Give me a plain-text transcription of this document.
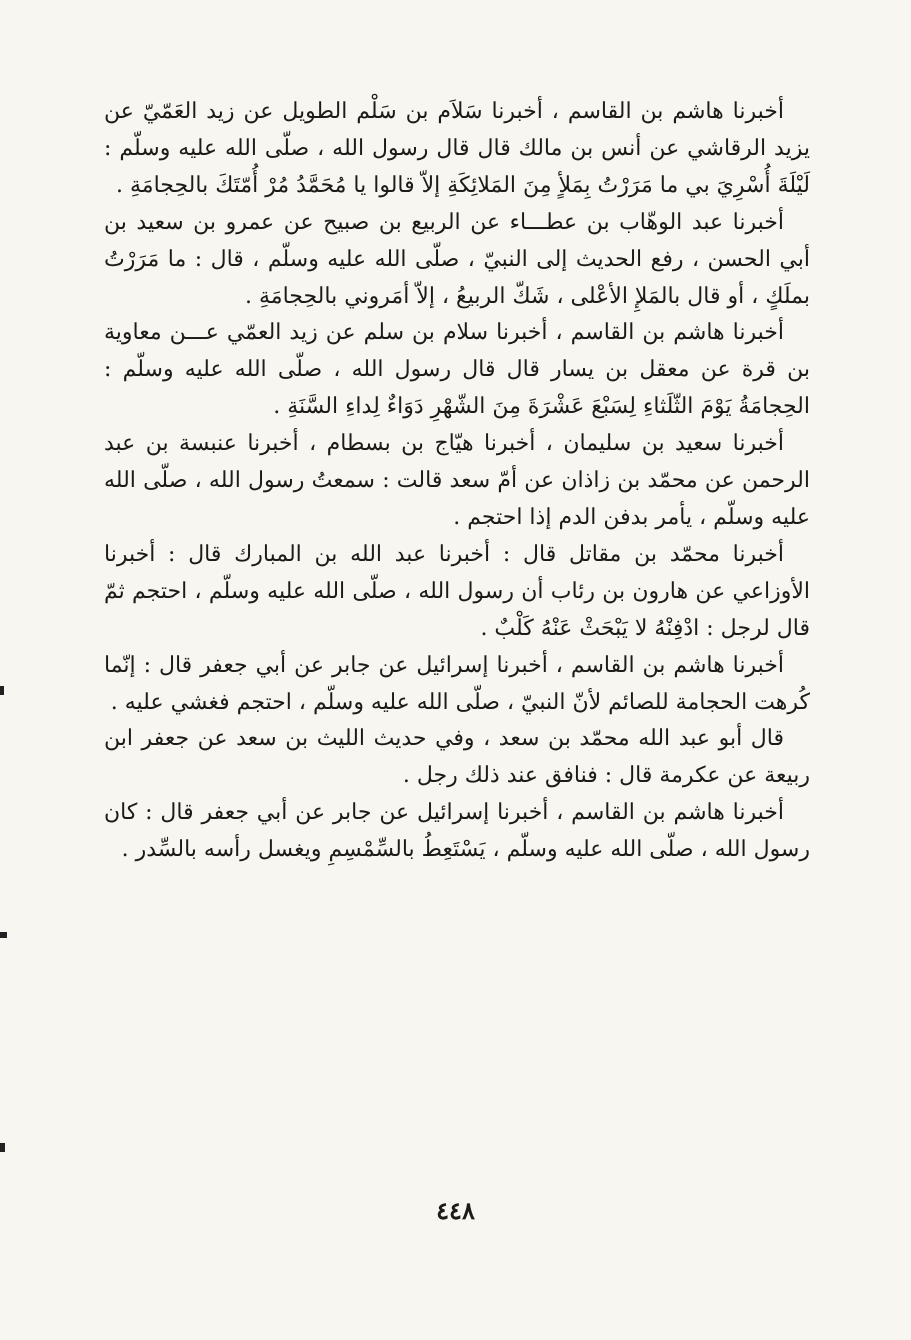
أخبرنا هاشم بن القاسم ، أخبرنا سَلاَم بن سَلْم الطويل عن زيد العَمّيّ عن يزيد الرقاشي عن أنس بن مالك قال قال رسول الله ، صلّى الله عليه وسلّم : لَيْلَةَ أُسْرِيَ بي ما مَرَرْتُ بِمَلأٍ مِنَ المَلائِكَةِ إلاّ قالوا يا مُحَمَّدُ مُرْ أُمّتَكَ بالحِجامَةِ .

أخبرنا عبد الوهّاب بن عطـــاء عن الربيع بن صبيح عن عمرو بن سعيد بن أبي الحسن ، رفع الحديث إلى النبيّ ، صلّى الله عليه وسلّم ، قال : ما مَرَرْتُ بملَكٍ ، أو قال بالمَلإِ الأعْلى ، شَكّ الربيعُ ، إلاّ أمَروني بالحِجامَةِ .

أخبرنا هاشم بن القاسم ، أخبرنا سلام بن سلم عن زيد العمّي عـــن معاوية بن قرة عن معقل بن يسار قال قال رسول الله ، صلّى الله عليه وسلّم : الحِجامَةُ يَوْمَ الثّلَثاءِ لِسَبْعَ عَشْرَةَ مِنَ الشّهْرِ دَوَاءٌ لِداءِ السَّنَةِ .

أخبرنا سعيد بن سليمان ، أخبرنا هيّاج بن بسطام ، أخبرنا عنبسة بن عبد الرحمن عن محمّد بن زاذان عن أمّ سعد قالت : سمعتُ رسول الله ، صلّى الله عليه وسلّم ، يأمر بدفن الدم إذا احتجم .

أخبرنا محمّد بن مقاتل قال : أخبرنا عبد الله بن المبارك قال : أخبرنا الأوزاعي عن هارون بن رئاب أن رسول الله ، صلّى الله عليه وسلّم ، احتجم ثمّ قال لرجل : ادْفِنْهُ لا يَبْحَثْ عَنْهُ كَلْبٌ .

أخبرنا هاشم بن القاسم ، أخبرنا إسرائيل عن جابر عن أبي جعفر قال : إنّما كُرهت الحجامة للصائم لأنّ النبيّ ، صلّى الله عليه وسلّم ، احتجم فغشي عليه .

قال أبو عبد الله محمّد بن سعد ، وفي حديث الليث بن سعد عن جعفر ابن ربيعة عن عكرمة قال : فنافق عند ذلك رجل .

أخبرنا هاشم بن القاسم ، أخبرنا إسرائيل عن جابر عن أبي جعفر قال : كان رسول الله ، صلّى الله عليه وسلّم ، يَسْتَعِطُ بالسِّمْسِمِ ويغسل رأسه بالسِّدر .

٤٤٨
